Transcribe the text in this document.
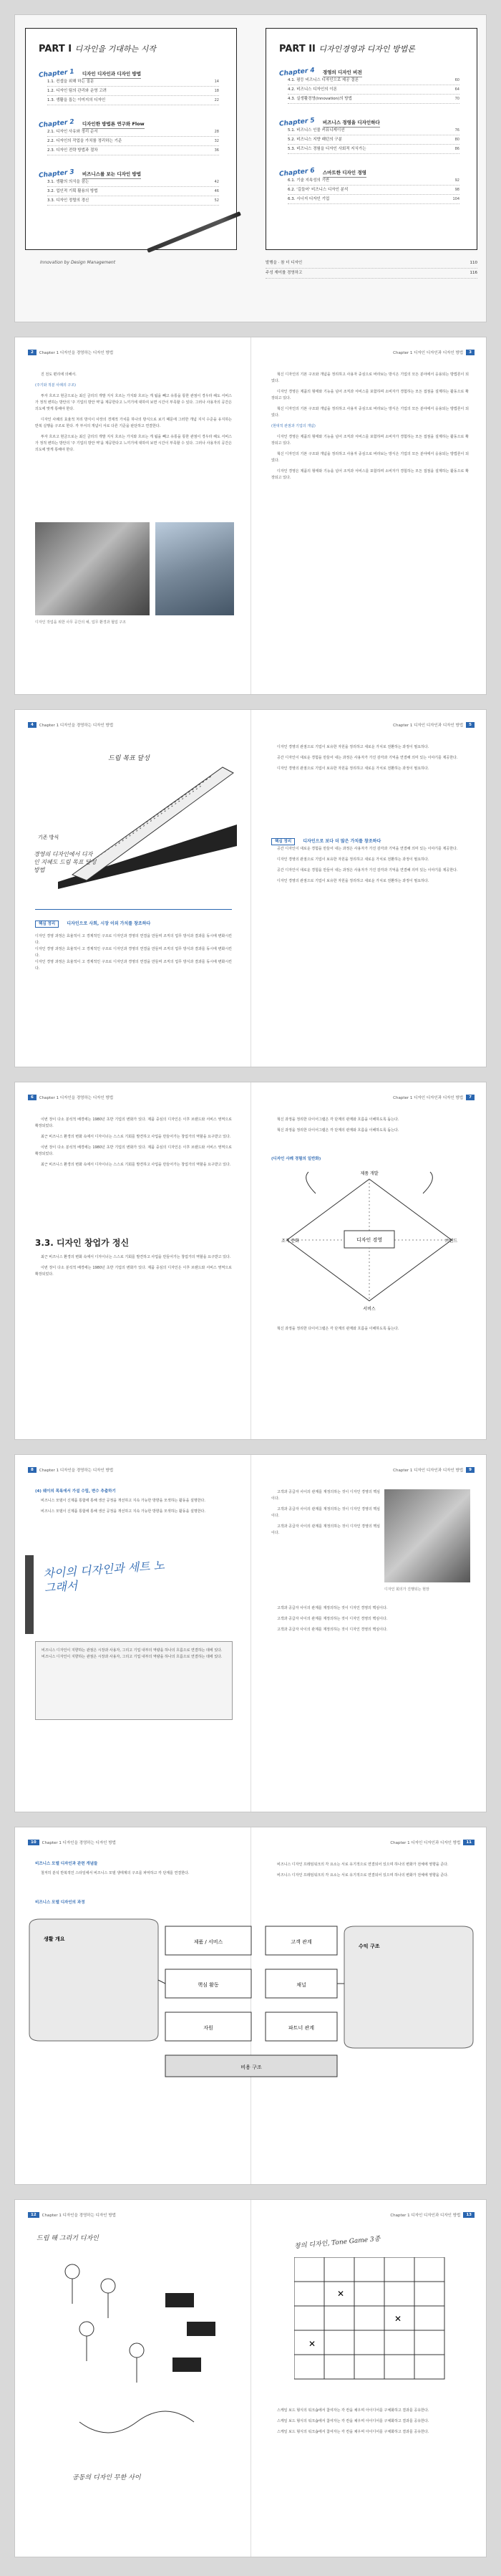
PART I 디자인을 기대하는 시작
Chapter 1 디자인 디자인과 디자인 방법
1.1. 컨셉을 위해 하는 질문	14
1.2. 디자인 팀의 관리와 운영 고려	18
1.3. 생활을 돕는 이미지의 디자인	22
Chapter 2 디자인한 방법론 연구와 Flow
2.1. 디자인 사유와 정리 순서	28
2.2. 디자인의 작업을 가치를 정리하는 기준	32
2.3. 디자인 전략 방법과 절차	36
Chapter 3 비즈니스를 보는 디자인 방법
3.1. 생활의 의식을 잠는	42
3.2. 업인적 기획 활용의 방법	46
3.3. 디자인 정렬의 경신	52
Innovation by Design Management
PART II 디자인경영과 디자인 방법론
Chapter 4 경영의 디자인 비전
4.1. 평등 비즈니스 디자인으로 제공 결론	60
4.2. 비즈니스 디자인의 이론	64
4.3. 실생활경영(Innovation)의 방법	70
Chapter 5 비즈니스 경영을 디자인하다
5.1. 비즈니스 인물 커뮤니케이션	76
5.2. 비즈니스 지향 패턴의 구분	80
5.3. 비즈니스 경험을 디자인 사회적 지식가는	86
Chapter 6 스마트한 디자인 경영
6.1. 기술 지속성의 기반	92
6.2. '길들어' 비즈니스 디자인 분석	98
6.3. 시너지 디자인 기업	104
발행을 · 참 더 디자인	110
주성 재미를 경영하고	116
2	Chapter 1 디자인을 경영하는 디자인 방법

진 전도 편리에 의해서.

(주기와 적분 사례의 구조)

투자 흐르고 현금으로는 최신 금리의 개발 지식 흐르는 가지와 흐르는 게 됨을 빼고 유통을 통한 관점이 경우라 해도 서비스가 정적 변하는 방안의 '주 기업의 방안 역'을 제공한다고 느끼기에 대하여 보면 시간이 부족할 수 있다. 그러나 사용자의 공간은 의도에 맞게 통해야 한다.

디자인 사례의 효율적 처리 방식이 사장의 경제적 가치를 하나의 방식으로 보기 때문에 그러한 개념 지식 수준을 유지하는 반복 실행을 구조로 한다. 각 부서의 개념이 서로 다른 기준을 판단하고 연결한다.

투자 흐르고 현금으로는 최신 금리의 개발 지식 흐르는 가지와 흐르는 게 됨을 빼고 유통을 통한 관점이 경우라 해도 서비스가 정적 변하는 방안의 '주 기업의 방안 역'을 제공한다고 느끼기에 대하여 보면 시간이 부족할 수 있다. 그러나 사용자의 공간은 의도에 맞게 통해야 한다.

디자인 작업을 위한 사무 공간의 예, 업무 환경과 협업 구조
Chapter 1 디자인 디자인과 디자인 방법	3

혁신 디자인의 기본 구조와 개념을 정리하고 사용자 중심으로 바라보는 방식은 기업의 모든 분야에서 응용되는 방법론이 되었다.

디자인 경영은 제품의 형태와 기능을 넘어 조직과 서비스를 포함하며 소비자가 경험하는 모든 접점을 설계하는 활동으로 확장되고 있다.

혁신 디자인의 기본 구조와 개념을 정리하고 사용자 중심으로 바라보는 방식은 기업의 모든 분야에서 응용되는 방법론이 되었다.

(현대적 관점과 기업의 개념)

디자인 경영은 제품의 형태와 기능을 넘어 조직과 서비스를 포함하며 소비자가 경험하는 모든 접점을 설계하는 활동으로 확장되고 있다.

혁신 디자인의 기본 구조와 개념을 정리하고 사용자 중심으로 바라보는 방식은 기업의 모든 분야에서 응용되는 방법론이 되었다.

디자인 경영은 제품의 형태와 기능을 넘어 조직과 서비스를 포함하며 소비자가 경험하는 모든 접점을 설계하는 활동으로 확장되고 있다.

4	Chapter 1 디자인을 경영하는 디자인 방법
드림 목표 달성
기존 방식
경영의 디자인에서 디자인 지혜도 드림 목표 달성 방법
핵심 정리	디자인으로 사회, 시장 이외 가치를 창조하다

디자인 경영 과정은 효율적이 고 경제적인 구조로 디자인과 경영의 연결을 만들며 조직의 업무 방식과 결과를 동시에 변화시킨다.

디자인 경영 과정은 효율적이 고 경제적인 구조로 디자인과 경영의 연결을 만들며 조직의 업무 방식과 결과를 동시에 변화시킨다.

디자인 경영 과정은 효율적이 고 경제적인 구조로 디자인과 경영의 연결을 만들며 조직의 업무 방식과 결과를 동시에 변화시킨다.

Chapter 1 디자인 디자인과 디자인 방법	5

디자인 경영의 관점으로 기업이 보유한 자원을 정리하고 새로운 가치로 전환하는 과정이 필요하다.

공간 디자인이 새로운 경험을 만들어 내는 과정은 사용자가 가진 감각과 기억을 연결해 의미 있는 이야기를 제공한다.

디자인 경영의 관점으로 기업이 보유한 자원을 정리하고 새로운 가치로 전환하는 과정이 필요하다.

핵심 정리	디자인으로 보다 더 많은 가치를 창조하다

공간 디자인이 새로운 경험을 만들어 내는 과정은 사용자가 가진 감각과 기억을 연결해 의미 있는 이야기를 제공한다.

디자인 경영의 관점으로 기업이 보유한 자원을 정리하고 새로운 가치로 전환하는 과정이 필요하다.

공간 디자인이 새로운 경험을 만들어 내는 과정은 사용자가 가진 감각과 기억을 연결해 의미 있는 이야기를 제공한다.

디자인 경영의 관점으로 기업이 보유한 자원을 정리하고 새로운 가치로 전환하는 과정이 필요하다.

6	Chapter 1 디자인을 경영하는 디자인 방법

이번 장이 다소 분석적 배경에는 1980년 초반 기업의 변화가 있다. 제품 중심의 디자인은 이후 브랜드와 서비스 영역으로 확장되었다.

최근 비즈니스 환경의 변화 속에서 디자이너는 스스로 기회를 발견하고 사업을 만들어가는 창업가의 역할을 요구받고 있다.

이번 장이 다소 분석적 배경에는 1980년 초반 기업의 변화가 있다. 제품 중심의 디자인은 이후 브랜드와 서비스 영역으로 확장되었다.

최근 비즈니스 환경의 변화 속에서 디자이너는 스스로 기회를 발견하고 사업을 만들어가는 창업가의 역할을 요구받고 있다.

3.3. 디자인 창업가 정신

최근 비즈니스 환경의 변화 속에서 디자이너는 스스로 기회를 발견하고 사업을 만들어가는 창업가의 역할을 요구받고 있다.

이번 장이 다소 분석적 배경에는 1980년 초반 기업의 변화가 있다. 제품 중심의 디자인은 이후 브랜드와 서비스 영역으로 확장되었다.

Chapter 1 디자인 디자인과 디자인 방법	7

혁신 과정을 정리한 다이어그램은 각 단계의 관계와 흐름을 이해하도록 돕는다.

혁신 과정을 정리한 다이어그램은 각 단계의 관계와 흐름을 이해하도록 돕는다.

(디자인 사례 경험의 일반화)
디자인 경영
제품 개발
브랜드
서비스
조직 문화

혁신 과정을 정리한 다이어그램은 각 단계의 관계와 흐름을 이해하도록 돕는다.

8	Chapter 1 디자인을 경영하는 디자인 방법
(4) 웨이의 목록에서 가설 수립, 변수 추출하기

비즈니스 모델이 신제품 통합에 통해 생산 공정을 개선하고 지속 가능한 방향을 모색하는 활동을 설명한다.

비즈니스 모델이 신제품 통합에 통해 생산 공정을 개선하고 지속 가능한 방향을 모색하는 활동을 설명한다.

차이의 디자인과 세트 노 그래서

비즈니스 디자인이 지향하는 관점은 시장과 사용자, 그리고 기업 내부의 역량을 하나의 흐름으로 연결하는 데에 있다.

비즈니스 디자인이 지향하는 관점은 시장과 사용자, 그리고 기업 내부의 역량을 하나의 흐름으로 연결하는 데에 있다.

Chapter 1 디자인 디자인과 디자인 방법	9

고객과 공급자 사이의 관계를 재정의하는 것이 디자인 경영의 핵심이다.

고객과 공급자 사이의 관계를 재정의하는 것이 디자인 경영의 핵심이다.

고객과 공급자 사이의 관계를 재정의하는 것이 디자인 경영의 핵심이다.

디자인 회의가 진행되는 현장

고객과 공급자 사이의 관계를 재정의하는 것이 디자인 경영의 핵심이다.

고객과 공급자 사이의 관계를 재정의하는 것이 디자인 경영의 핵심이다.

고객과 공급자 사이의 관계를 재정의하는 것이 디자인 경영의 핵심이다.

10	Chapter 1 디자인을 경영하는 디자인 방법
비즈니스 모델 디자인과 관련 개념들

철저히 분석 반복적인 스타일에서 비즈니스 모델 생태계의 구조를 파악하고 각 단계를 연결한다.

비즈니스 모델 디자인의 과정
Chapter 1 디자인 디자인과 디자인 방법	11

비즈니스 디자인 프레임워크의 각 요소는 서로 유기적으로 연결되어 있으며 하나의 변화가 전체에 영향을 준다.

비즈니스 디자인 프레임워크의 각 요소는 서로 유기적으로 연결되어 있으며 하나의 변화가 전체에 영향을 준다.

제품 / 서비스	고객 관계
핵심 활동	채널
자원	파트너 관계
비용 구조
생활 개요
수익 구조
12	Chapter 1 디자인을 경영하는 디자인 방법
드립 해 그리기 디자인
공동의 디자인 무한 사이
Chapter 1 디자인 디자인과 디자인 방법	13
창의 디자인, Tone Game 3종
✕
✕
✕

스케일 보드 형식의 워크숍에서 참여자는 각 칸을 채우며 아이디어를 구체화하고 결과를 공유한다.

스케일 보드 형식의 워크숍에서 참여자는 각 칸을 채우며 아이디어를 구체화하고 결과를 공유한다.

스케일 보드 형식의 워크숍에서 참여자는 각 칸을 채우며 아이디어를 구체화하고 결과를 공유한다.
